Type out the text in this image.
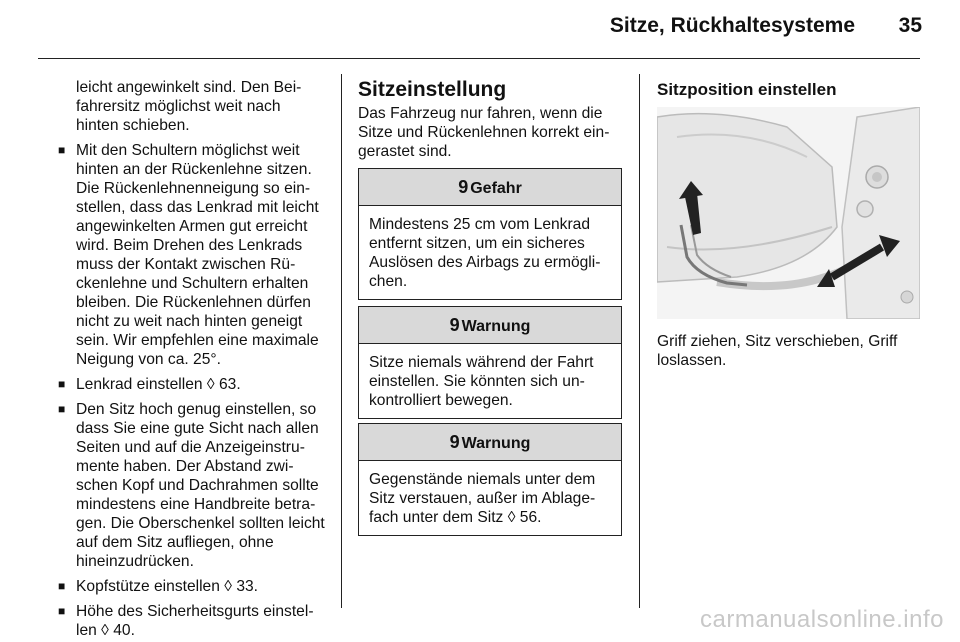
Sitze, Rückhaltesysteme 35

leicht angewinkelt sind. Den Beifahrersitz möglichst weit nach hinten schieben.

■ Mit den Schultern möglichst weit hinten an der Rückenlehne sitzen. Die Rückenlehnenneigung so einstellen, dass das Lenkrad mit leicht angewinkelten Armen gut erreicht wird. Beim Drehen des Lenkrads muss der Kontakt zwischen Rückenlehne und Schultern erhalten bleiben. Die Rückenlehnen dürfen nicht zu weit nach hinten geneigt sein. Wir empfehlen eine maximale Neigung von ca. 25°.
■ Lenkrad einstellen ◊ 63.
■ Den Sitz hoch genug einstellen, so dass Sie eine gute Sicht nach allen Seiten und auf die Anzeigeinstrumente haben. Der Abstand zwischen Kopf und Dachrahmen sollte mindestens eine Handbreite betragen. Die Oberschenkel sollten leicht auf dem Sitz aufliegen, ohne hineinzudrücken.
■ Kopfstütze einstellen ◊ 33.
■ Höhe des Sicherheitsgurts einstellen ◊ 40.
Sitzeinstellung

Das Fahrzeug nur fahren, wenn die Sitze und Rückenlehnen korrekt eingerastet sind.

9 Gefahr
Mindestens 25 cm vom Lenkrad entfernt sitzen, um ein sicheres Auslösen des Airbags zu ermöglichen.
9 Warnung
Sitze niemals während der Fahrt einstellen. Sie könnten sich unkontrolliert bewegen.
9 Warnung
Gegenstände niemals unter dem Sitz verstauen, außer im Ablagefach unter dem Sitz ◊ 56.
Sitzposition einstellen
Griff ziehen, Sitz verschieben, Griff loslassen.
carmanualsonline.info
